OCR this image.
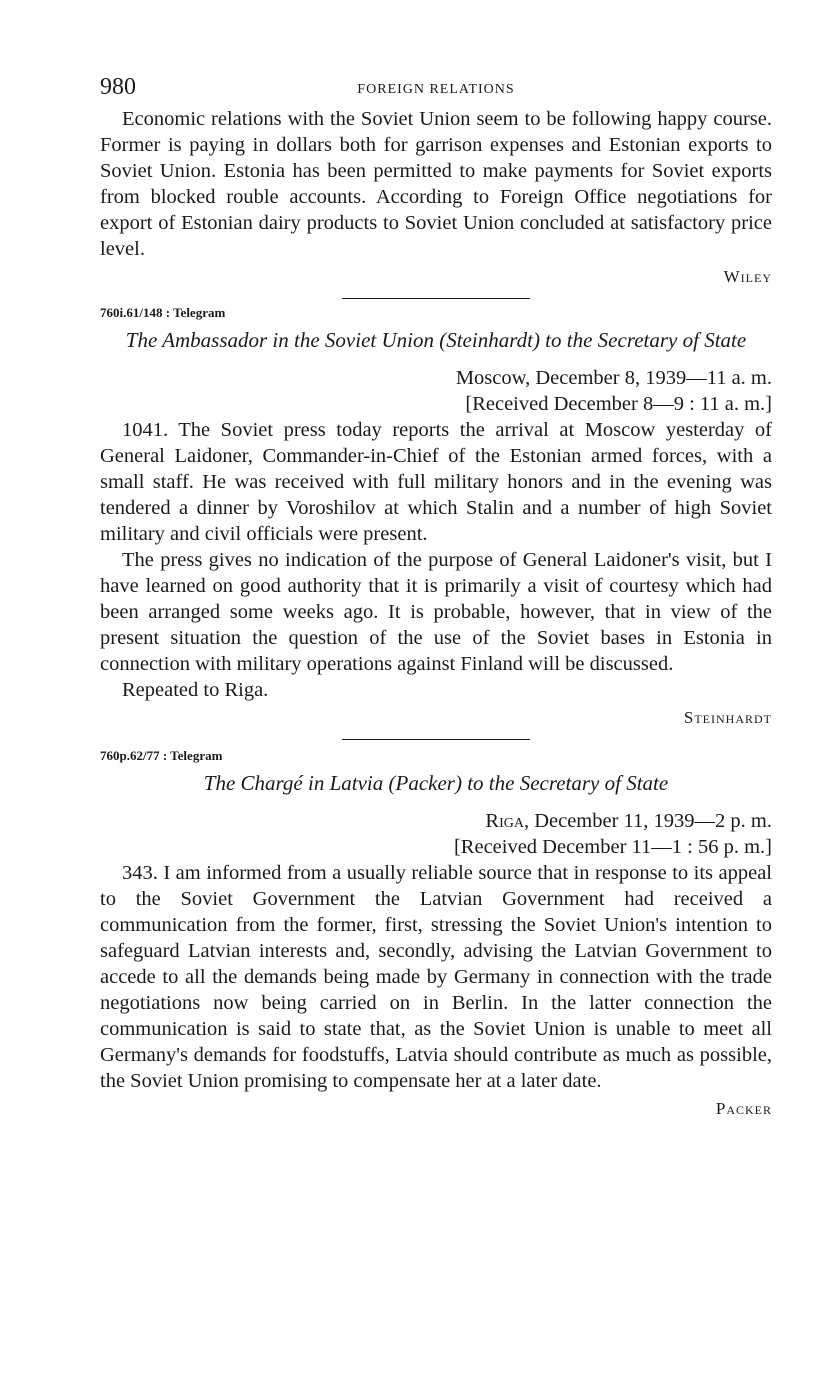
980	FOREIGN RELATIONS

Economic relations with the Soviet Union seem to be following happy course. Former is paying in dollars both for garrison expenses and Estonian exports to Soviet Union. Estonia has been permitted to make payments for Soviet exports from blocked rouble accounts. According to Foreign Office negotiations for export of Estonian dairy products to Soviet Union concluded at satisfactory price level.

Wiley

760i.61/148 : Telegram

The Ambassador in the Soviet Union (Steinhardt) to the Secretary of State

Moscow, December 8, 1939—11 a. m.

[Received December 8—9 : 11 a. m.]

1041. The Soviet press today reports the arrival at Moscow yesterday of General Laidoner, Commander-in-Chief of the Estonian armed forces, with a small staff. He was received with full military honors and in the evening was tendered a dinner by Voroshilov at which Stalin and a number of high Soviet military and civil officials were present.

The press gives no indication of the purpose of General Laidoner's visit, but I have learned on good authority that it is primarily a visit of courtesy which had been arranged some weeks ago. It is probable, however, that in view of the present situation the question of the use of the Soviet bases in Estonia in connection with military operations against Finland will be discussed.

Repeated to Riga.

Steinhardt

760p.62/77 : Telegram

The Chargé in Latvia (Packer) to the Secretary of State

Riga, December 11, 1939—2 p. m.

[Received December 11—1 : 56 p. m.]

343. I am informed from a usually reliable source that in response to its appeal to the Soviet Government the Latvian Government had received a communication from the former, first, stressing the Soviet Union's intention to safeguard Latvian interests and, secondly, advising the Latvian Government to accede to all the demands being made by Germany in connection with the trade negotiations now being carried on in Berlin. In the latter connection the communication is said to state that, as the Soviet Union is unable to meet all Germany's demands for foodstuffs, Latvia should contribute as much as possible, the Soviet Union promising to compensate her at a later date.

Packer
